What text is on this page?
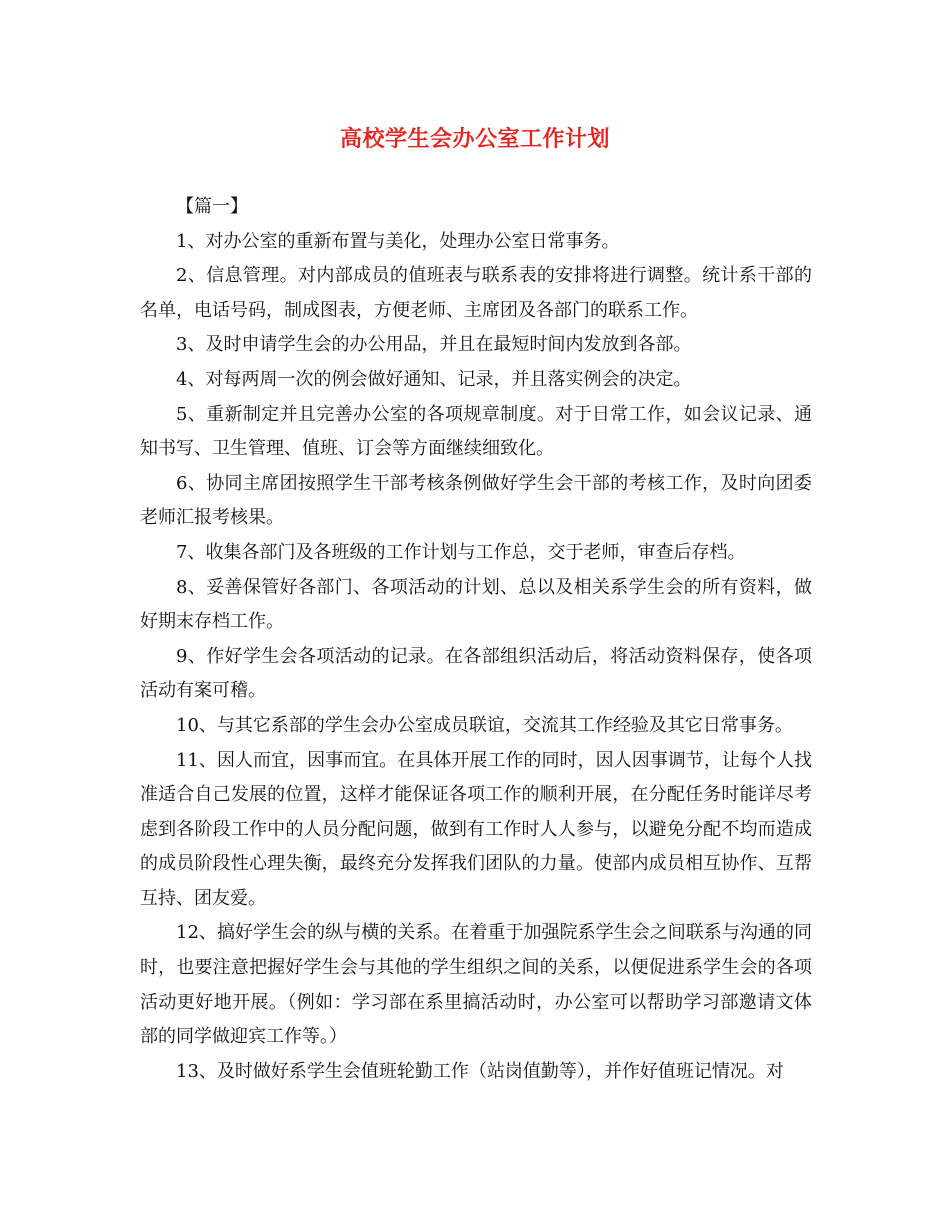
高校学生会办公室工作计划

【篇一】

1、对办公室的重新布置与美化，处理办公室日常事务。

2、信息管理。对内部成员的值班表与联系表的安排将进行调整。统计系干部的名单，电话号码，制成图表，方便老师、主席团及各部门的联系工作。

3、及时申请学生会的办公用品，并且在最短时间内发放到各部。

4、对每两周一次的例会做好通知、记录，并且落实例会的决定。

5、重新制定并且完善办公室的各项规章制度。对于日常工作，如会议记录、通知书写、卫生管理、值班、订会等方面继续细致化。

6、协同主席团按照学生干部考核条例做好学生会干部的考核工作，及时向团委老师汇报考核果。

7、收集各部门及各班级的工作计划与工作总，交于老师，审查后存档。

8、妥善保管好各部门、各项活动的计划、总以及相关系学生会的所有资料，做好期末存档工作。

9、作好学生会各项活动的记录。在各部组织活动后，将活动资料保存，使各项活动有案可稽。

10、与其它系部的学生会办公室成员联谊，交流其工作经验及其它日常事务。

11、因人而宜，因事而宜。在具体开展工作的同时，因人因事调节，让每个人找准适合自己发展的位置，这样才能保证各项工作的顺利开展，在分配任务时能详尽考虑到各阶段工作中的人员分配问题，做到有工作时人人参与，以避免分配不均而造成的成员阶段性心理失衡，最终充分发挥我们团队的力量。使部内成员相互协作、互帮互持、团友爱。

12、搞好学生会的纵与横的关系。在着重于加强院系学生会之间联系与沟通的同时，也要注意把握好学生会与其他的学生组织之间的关系，以便促进系学生会的各项活动更好地开展。（例如：学习部在系里搞活动时，办公室可以帮助学习部邀请文体部的同学做迎宾工作等。）

13、及时做好系学生会值班轮勤工作（站岗值勤等），并作好值班记情况。对
